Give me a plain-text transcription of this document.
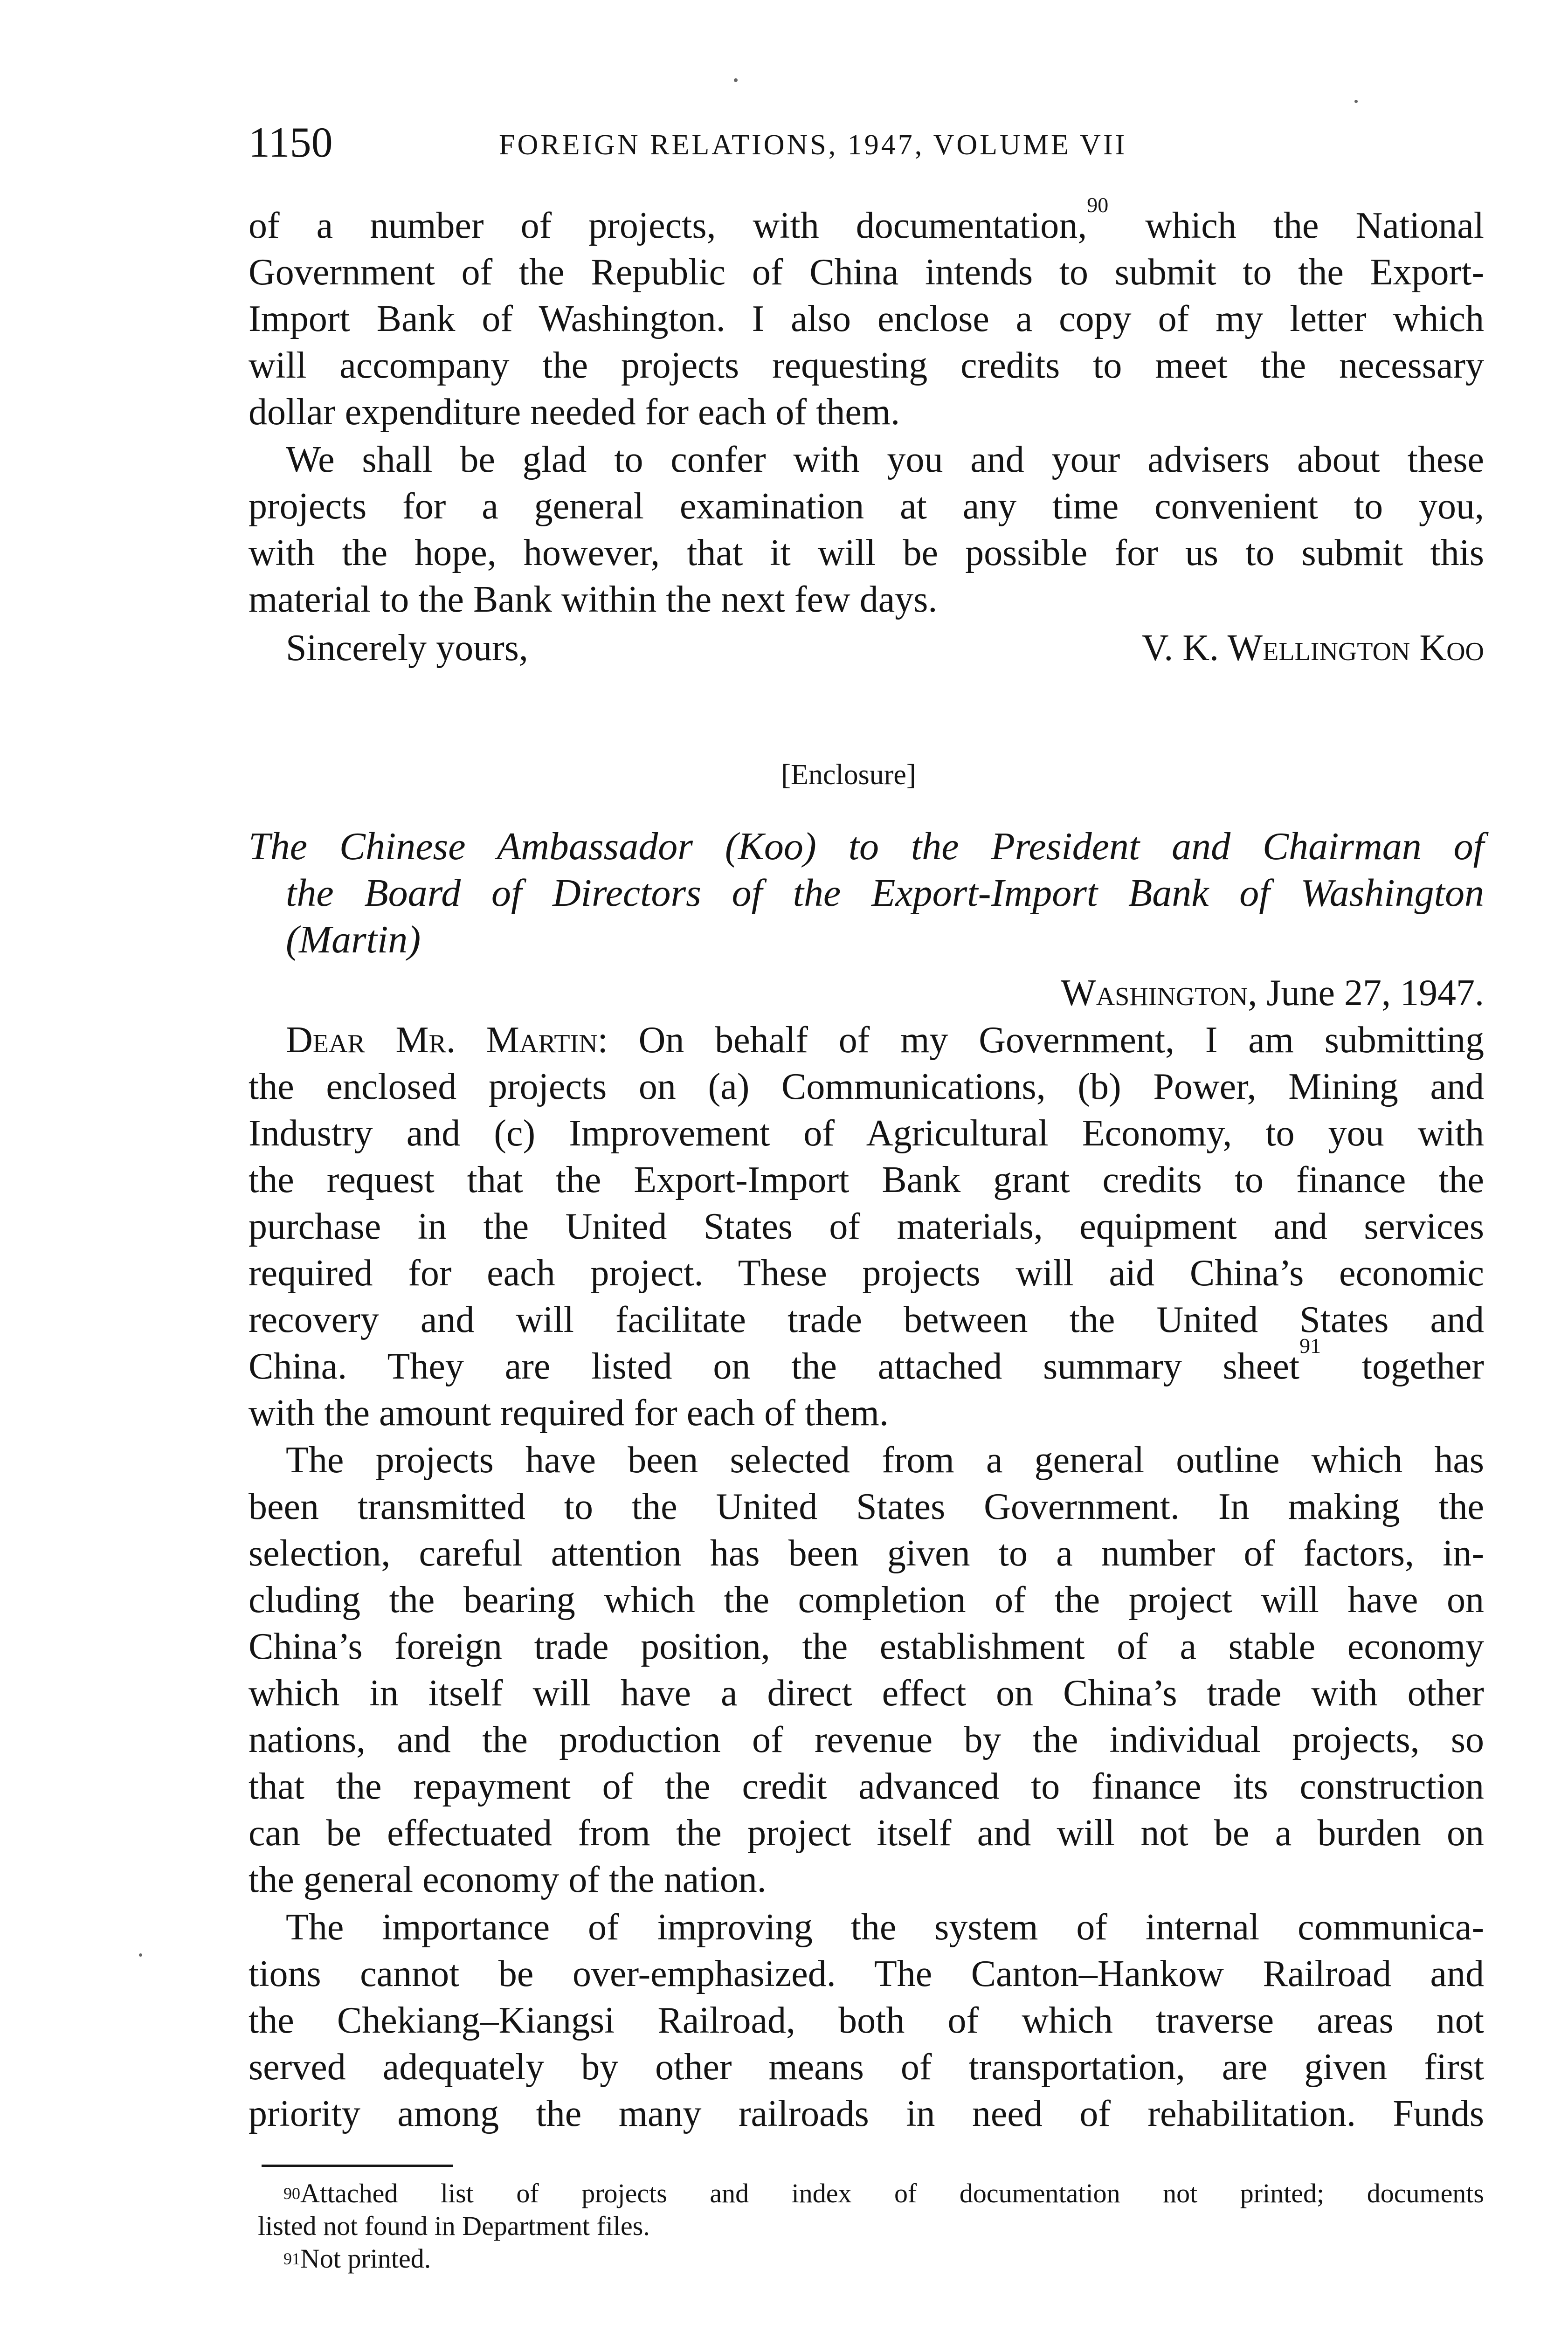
1150	FOREIGN RELATIONS, 1947, VOLUME VII
of a number of projects, with documentation,$^{90}$ which the National
Government of the Republic of China intends to submit to the Export-
Import Bank of Washington. I also enclose a copy of my letter which
will accompany the projects requesting credits to meet the necessary
dollar expenditure needed for each of them.
We shall be glad to confer with you and your advisers about these
projects for a general examination at any time convenient to you,
with the hope, however, that it will be possible for us to submit this
material to the Bank within the next few days.
Sincerely yours,	V. K. Wellington Koo
[Enclosure]
The Chinese Ambassador (Koo) to the President and Chairman of
the Board of Directors of the Export-Import Bank of Washington
(Martin)
Washington, June 27, 1947.
Dear Mr. Martin: On behalf of my Government, I am submitting
the enclosed projects on (a) Communications, (b) Power, Mining and
Industry and (c) Improvement of Agricultural Economy, to you with
the request that the Export-Import Bank grant credits to finance the
purchase in the United States of materials, equipment and services
required for each project. These projects will aid China’s economic
recovery and will facilitate trade between the United States and
China. They are listed on the attached summary sheet$^{91}$ together
with the amount required for each of them.
The projects have been selected from a general outline which has
been transmitted to the United States Government. In making the
selection, careful attention has been given to a number of factors, in-
cluding the bearing which the completion of the project will have on
China’s foreign trade position, the establishment of a stable economy
which in itself will have a direct effect on China’s trade with other
nations, and the production of revenue by the individual projects, so
that the repayment of the credit advanced to finance its construction
can be effectuated from the project itself and will not be a burden on
the general economy of the nation.
The importance of improving the system of internal communica-
tions cannot be over-emphasized. The Canton–Hankow Railroad and
the Chekiang–Kiangsi Railroad, both of which traverse areas not
served adequately by other means of transportation, are given first
priority among the many railroads in need of rehabilitation. Funds
$^{90}$Attached list of projects and index of documentation not printed; documents
listed not found in Department files.
$^{91}$Not printed.
